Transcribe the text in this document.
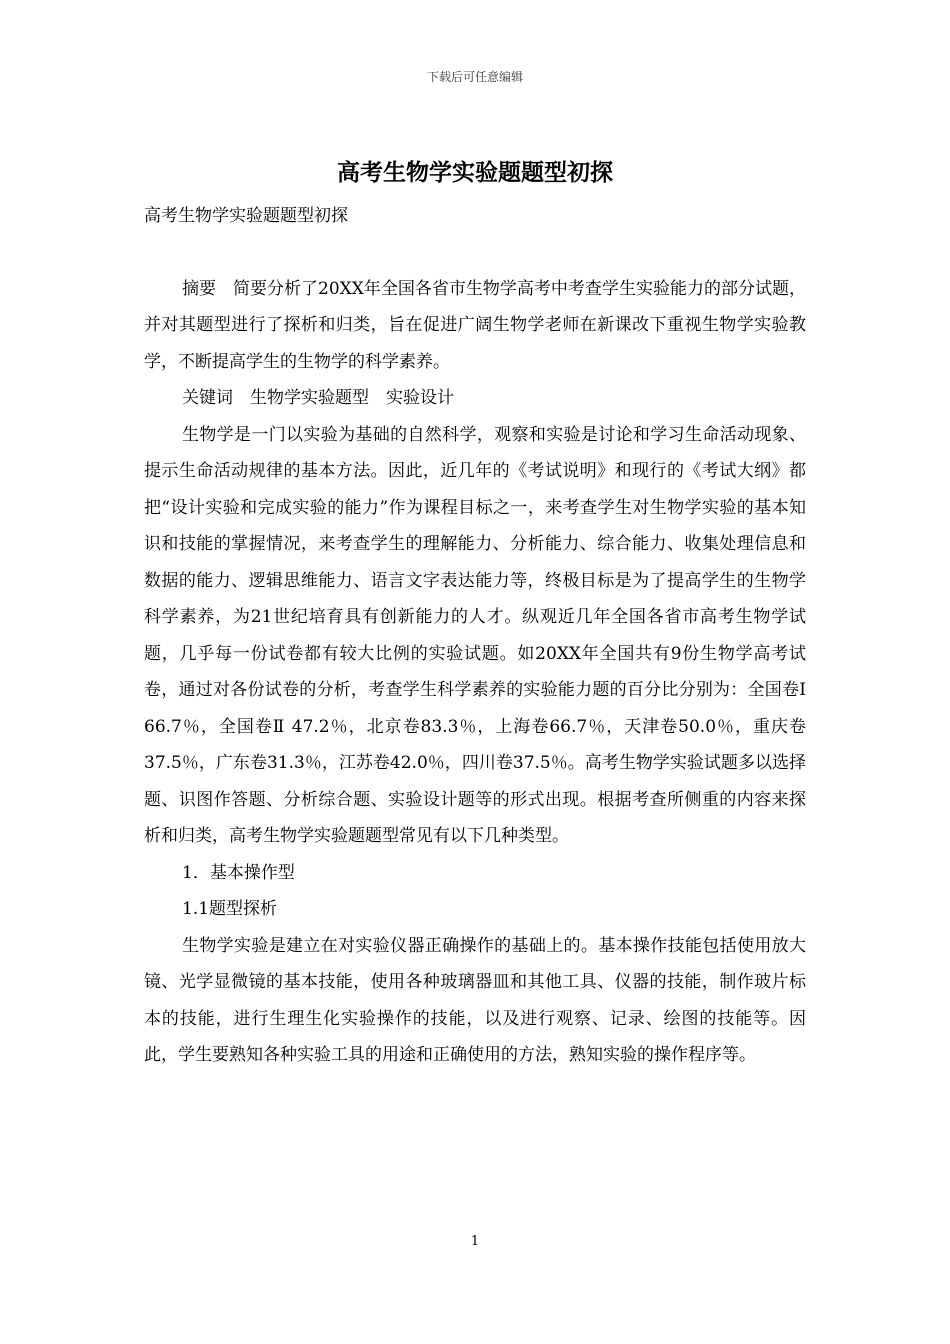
下载后可任意编辑
高考生物学实验题题型初探

高考生物学实验题题型初探

摘要　简要分析了20XX年全国各省市生物学高考中考查学生实验能力的部分试题，并对其题型进行了探析和归类，旨在促进广阔生物学老师在新课改下重视生物学实验教学，不断提高学生的生物学的科学素养。

关键词　生物学实验题型　实验设计

生物学是一门以实验为基础的自然科学，观察和实验是讨论和学习生命活动现象、提示生命活动规律的基本方法。因此，近几年的《考试说明》和现行的《考试大纲》都把“设计实验和完成实验的能力”作为课程目标之一，来考查学生对生物学实验的基本知识和技能的掌握情况，来考查学生的理解能力、分析能力、综合能力、收集处理信息和数据的能力、逻辑思维能力、语言文字表达能力等，终极目标是为了提高学生的生物学科学素养，为21世纪培育具有创新能力的人才。纵观近几年全国各省市高考生物学试题，几乎每一份试卷都有较大比例的实验试题。如20XX年全国共有9份生物学高考试卷，通过对各份试卷的分析，考查学生科学素养的实验能力题的百分比分别为：全国卷Ⅰ 66.7％，全国卷Ⅱ 47.2％，北京卷83.3％，上海卷66.7％，天津卷50.0％，重庆卷37.5％，广东卷31.3％，江苏卷42.0％，四川卷37.5％。高考生物学实验试题多以选择题、识图作答题、分析综合题、实验设计题等的形式出现。根据考查所侧重的内容来探析和归类，高考生物学实验题题型常见有以下几种类型。

1．基本操作型

1.1题型探析

生物学实验是建立在对实验仪器正确操作的基础上的。基本操作技能包括使用放大镜、光学显微镜的基本技能，使用各种玻璃器皿和其他工具、仪器的技能，制作玻片标本的技能，进行生理生化实验操作的技能，以及进行观察、记录、绘图的技能等。因此，学生要熟知各种实验工具的用途和正确使用的方法，熟知实验的操作程序等。

1
